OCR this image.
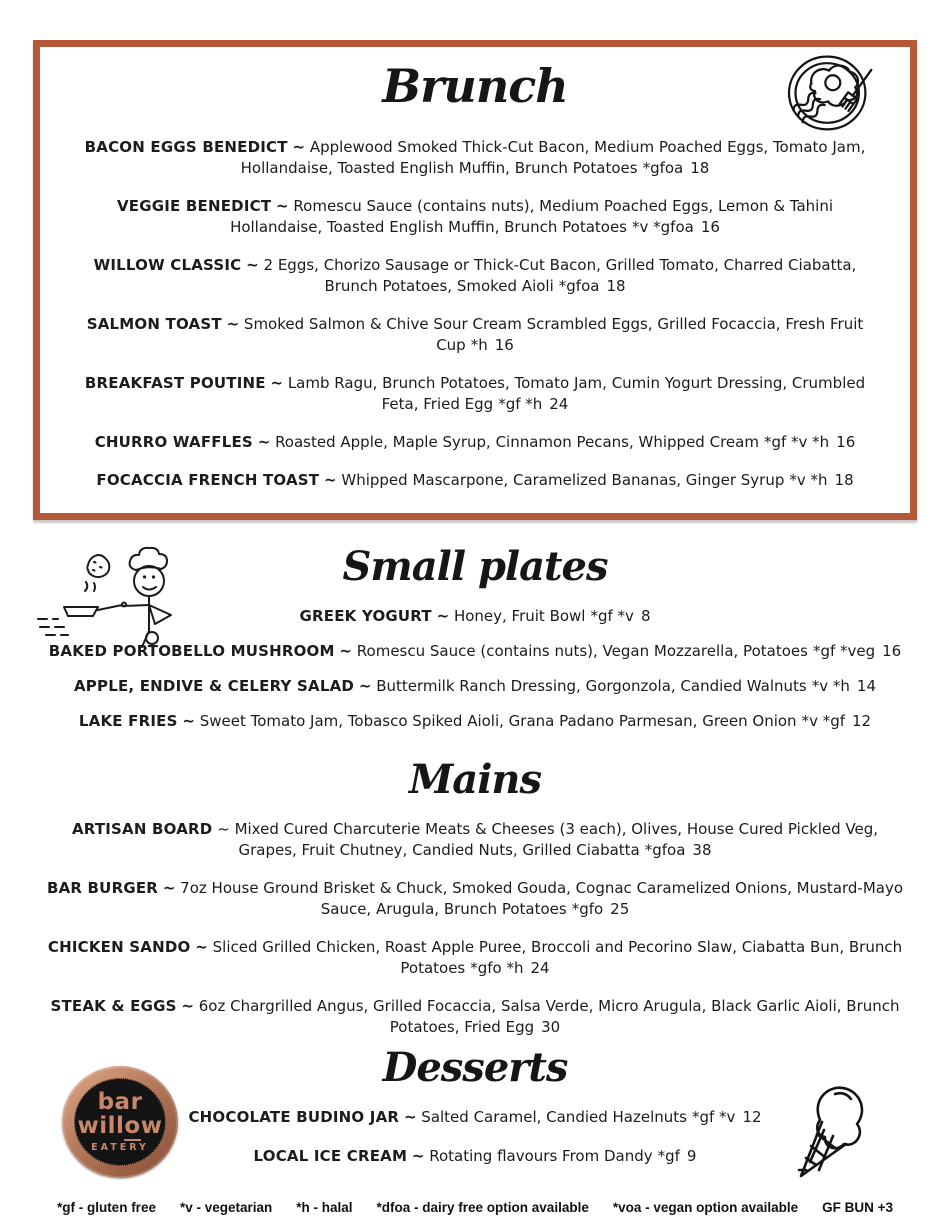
Brunch

BACON EGGS BENEDICT ~ Applewood Smoked Thick-Cut Bacon, Medium Poached Eggs, Tomato Jam, Hollandaise, Toasted English Muffin, Brunch Potatoes *gfoa 18

VEGGIE BENEDICT ~ Romescu Sauce (contains nuts), Medium Poached Eggs, Lemon & Tahini Hollandaise, Toasted English Muffin, Brunch Potatoes *v *gfoa 16

WILLOW CLASSIC ~ 2 Eggs, Chorizo Sausage or Thick-Cut Bacon, Grilled Tomato, Charred Ciabatta, Brunch Potatoes, Smoked Aioli *gfoa 18

SALMON TOAST ~ Smoked Salmon & Chive Sour Cream Scrambled Eggs, Grilled Focaccia, Fresh Fruit Cup *h 16

BREAKFAST POUTINE ~ Lamb Ragu, Brunch Potatoes, Tomato Jam, Cumin Yogurt Dressing, Crumbled Feta, Fried Egg *gf *h 24

CHURRO WAFFLES ~ Roasted Apple, Maple Syrup, Cinnamon Pecans, Whipped Cream *gf *v *h 16

FOCACCIA FRENCH TOAST ~ Whipped Mascarpone, Caramelized Bananas, Ginger Syrup *v *h 18

Small plates

GREEK YOGURT ~ Honey, Fruit Bowl *gf *v 8

BAKED PORTOBELLO MUSHROOM ~ Romescu Sauce (contains nuts), Vegan Mozzarella, Potatoes *gf *veg 16

APPLE, ENDIVE & CELERY SALAD ~ Buttermilk Ranch Dressing, Gorgonzola, Candied Walnuts *v *h 14

LAKE FRIES ~ Sweet Tomato Jam, Tobasco Spiked Aioli, Grana Padano Parmesan, Green Onion *v *gf 12

Mains

ARTISAN BOARD ~ Mixed Cured Charcuterie Meats & Cheeses (3 each), Olives, House Cured Pickled Veg, Grapes, Fruit Chutney, Candied Nuts, Grilled Ciabatta *gfoa 38

BAR BURGER ~ 7oz House Ground Brisket & Chuck, Smoked Gouda, Cognac Caramelized Onions, Mustard-Mayo Sauce, Arugula, Brunch Potatoes *gfo 25

CHICKEN SANDO ~ Sliced Grilled Chicken, Roast Apple Puree, Broccoli and Pecorino Slaw, Ciabatta Bun, Brunch Potatoes *gfo *h 24

STEAK & EGGS ~ 6oz Chargrilled Angus, Grilled Focaccia, Salsa Verde, Micro Arugula, Black Garlic Aioli, Brunch Potatoes, Fried Egg 30

Desserts

CHOCOLATE BUDINO JAR ~ Salted Caramel, Candied Hazelnuts *gf *v 12

LOCAL ICE CREAM ~ Rotating flavours From Dandy *gf 9

bar
willow
EATERY
*gf - gluten free *v - vegetarian *h - halal *dfoa - dairy free option available *voa - vegan option available GF BUN +3
